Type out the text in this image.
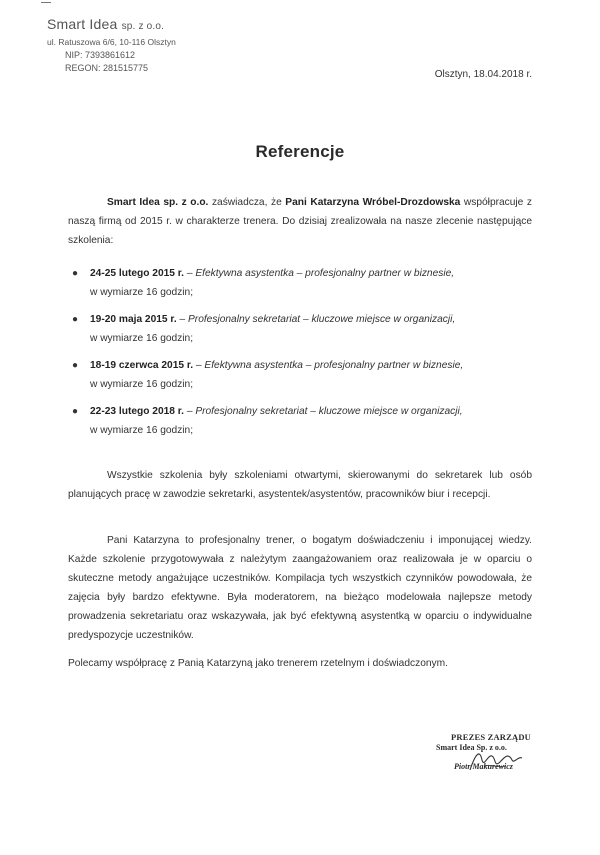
Smart Idea sp. z o.o.
ul. Ratuszowa 6/6, 10-116 Olsztyn
NIP: 7393861612
REGON: 281515775
Olsztyn, 18.04.2018 r.
Referencje

Smart Idea sp. z o.o. zaświadcza, że Pani Katarzyna Wróbel-Drozdowska współpracuje z naszą firmą od 2015 r. w charakterze trenera. Do dzisiaj zrealizowała na nasze zlecenie następujące szkolenia:

● 24-25 lutego 2015 r. – Efektywna asystentka – profesjonalny partner w biznesie,
w wymiarze 16 godzin;
● 19-20 maja 2015 r. – Profesjonalny sekretariat – kluczowe miejsce w organizacji,
w wymiarze 16 godzin;
● 18-19 czerwca 2015 r. – Efektywna asystentka – profesjonalny partner w biznesie,
w wymiarze 16 godzin;
● 22-23 lutego 2018 r. – Profesjonalny sekretariat – kluczowe miejsce w organizacji,
w wymiarze 16 godzin;

Wszystkie szkolenia były szkoleniami otwartymi, skierowanymi do sekretarek lub osób planujących pracę w zawodzie sekretarki, asystentek/asystentów, pracowników biur i recepcji.

Pani Katarzyna to profesjonalny trener, o bogatym doświadczeniu i imponującej wiedzy. Każde szkolenie przygotowywała z należytym zaangażowaniem oraz realizowała je w oparciu o skuteczne metody angażujące uczestników. Kompilacja tych wszystkich czynników powodowała, że zajęcia były bardzo efektywne. Była moderatorem, na bieżąco modelowała najlepsze metody prowadzenia sekretariatu oraz wskazywała, jak być efektywną asystentką w oparciu o indywidualne predyspozycje uczestników.

Polecamy współpracę z Panią Katarzyną jako trenerem rzetelnym i doświadczonym.

PREZES ZARZĄDU
Smart Idea Sp. z o.o.
Piotr Makurewicz
